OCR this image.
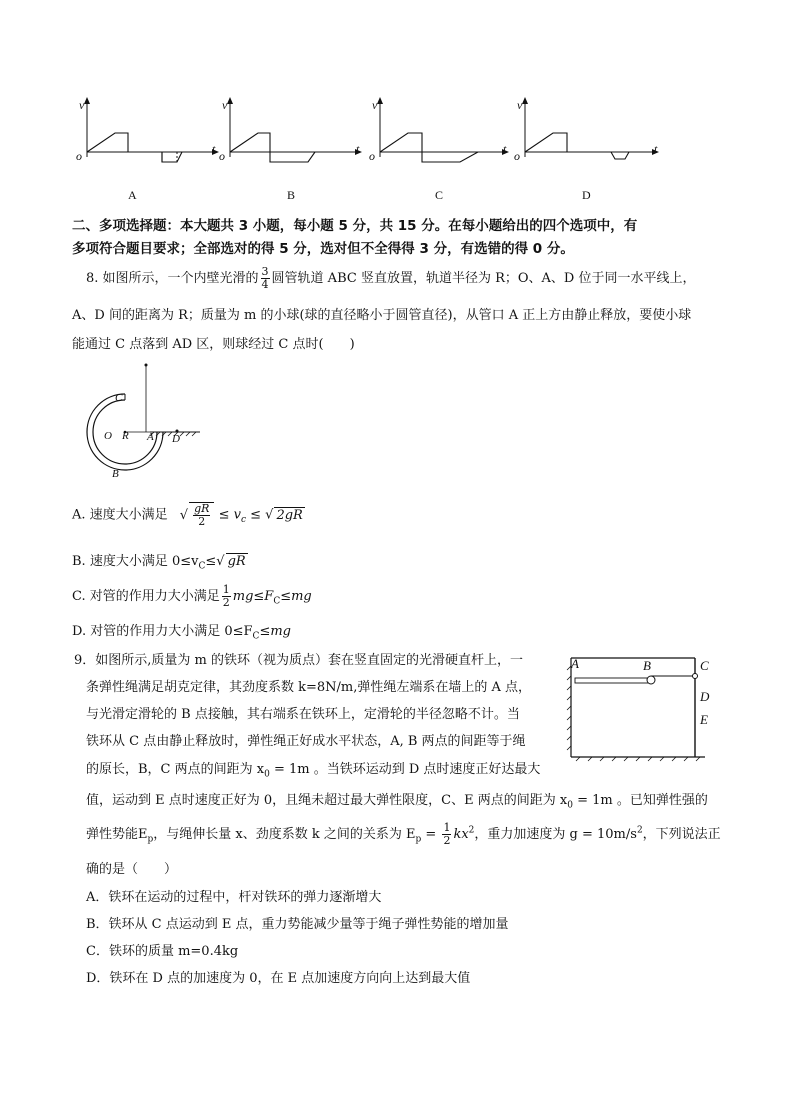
v
o	t
A
v
o	t
B
v
o	t
C
v
o	t
D
二、多项选择题：本大题共 3 小题，每小题 5 分，共 15 分。在每小题给出的四个选项中，有
多项符合题目要求；全部选对的得 5 分，选对但不全得得 3 分，有选错的得 0 分。
8. 如图所示，一个内壁光滑的 $\frac{3}{4}$ 圆管轨道 ABC 竖直放置，轨道半径为 R；O、A、D 位于同一水平线上，
A、D 间的距离为 R；质量为 m 的小球(球的直径略小于圆管直径)，从管口 A 正上方由静止释放，要使小球
能通过 C 点落到 AD 区，则球经过 C 点时(　　)
C
O R A D
B
A. 速度大小满足 √ $\frac{gR}{2} \le v_c$ ≤ √ 2gR
B. 速度大小满足 $0\le v_C\le√$ gR
C. 对管的作用力大小满足 $\frac{1}{2} mg\le F_C\le mg$
D. 对管的作用力大小满足 $0\le F_C\le mg$
9．如图所示,质量为 m 的铁环（视为质点）套在竖直固定的光滑硬直杆上，一
条弹性绳满足胡克定律，其劲度系数 k=8N/m,弹性绳左端系在墙上的 A 点，
与光滑定滑轮的 B 点接触，其右端系在铁环上，定滑轮的半径忽略不计。当
铁环从 C 点由静止释放时，弹性绳正好成水平状态，A, B 两点的间距等于绳
的原长，B，C 两点的间距为 $x_0 = 1m$ 。当铁环运动到 D 点时速度正好达最大
值，运动到 E 点时速度正好为 0，且绳未超过最大弹性限度，C、E 两点的间距为 $x_0 = 1m$ 。已知弹性强的
弹性势能$E_p$，与绳伸长量 x、劲度系数 k 之间的关系为 $E_p = \frac{1}{2} kx^2$，重力加速度为 $g = 10m/s^2$，下列说法正
确的是（　　）
A	B	C
D
E
A．铁环在运动的过程中，杆对铁环的弹力逐渐增大
B．铁环从 C 点运动到 E 点，重力势能减少量等于绳子弹性势能的增加量
C．铁环的质量 m=0.4kg
D．铁环在 D 点的加速度为 0，在 E 点加速度方向向上达到最大值
